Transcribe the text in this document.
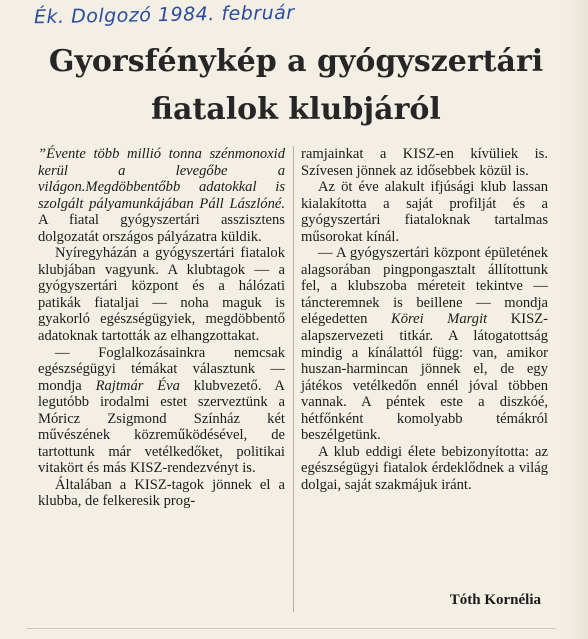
Ék. Dolgozó 1984. február
Gyorsfénykép a gyógyszertári
fiatalok klubjáról

”Évente több millió tonna szénmonoxid kerül a levegőbe a világon.Megdöbbentőbb adatokkal is szolgált pályamunkájában Páll Lászlóné. A fiatal gyógyszertári asszisztens dolgozatát országos pályázatra küldik.

Nyíregyházán a gyógyszertári fiatalok klubjában vagyunk. A klubtagok — a gyógyszertári központ és a hálózati patikák fiataljai — noha maguk is gyakorló egészségügyiek, megdöbbentő adatoknak tartották az elhangzottakat.

— Foglalkozásainkra nemcsak egészségügyi témákat választunk — mondja Rajtmár Éva klubvezető. A legutóbb irodalmi estet szerveztünk a Móricz Zsigmond Színház két művészének közreműködésével, de tartottunk már vetélkedőket, politikai vitakört és más KISZ-rendezvényt is.

Általában a KISZ-tagok jönnek el a klubba, de felkeresik prog-

ramjainkat a KISZ-en kívüliek is. Szívesen jönnek az idősebbek közül is.

Az öt éve alakult ifjúsági klub lassan kialakította a saját profilját és a gyógyszertári fiataloknak tartalmas műsorokat kínál.

— A gyógyszertári központ épületének alagsorában pingpongasztalt állítottunk fel, a klubszoba méreteit tekintve — táncteremnek is beillene — mondja elégedetten Körei Margit KISZ-alapszervezeti titkár. A látogatottság mindig a kínálattól függ: van, amikor huszan-harmincan jönnek el, de egy játékos vetélkedőn ennél jóval többen vannak. A péntek este a diszkóé, hétfőnként komolyabb témákról beszélgetünk.

A klub eddigi élete bebizonyította: az egészségügyi fiatalok érdeklődnek a világ dolgai, saját szakmájuk iránt.

Tóth Kornélia
